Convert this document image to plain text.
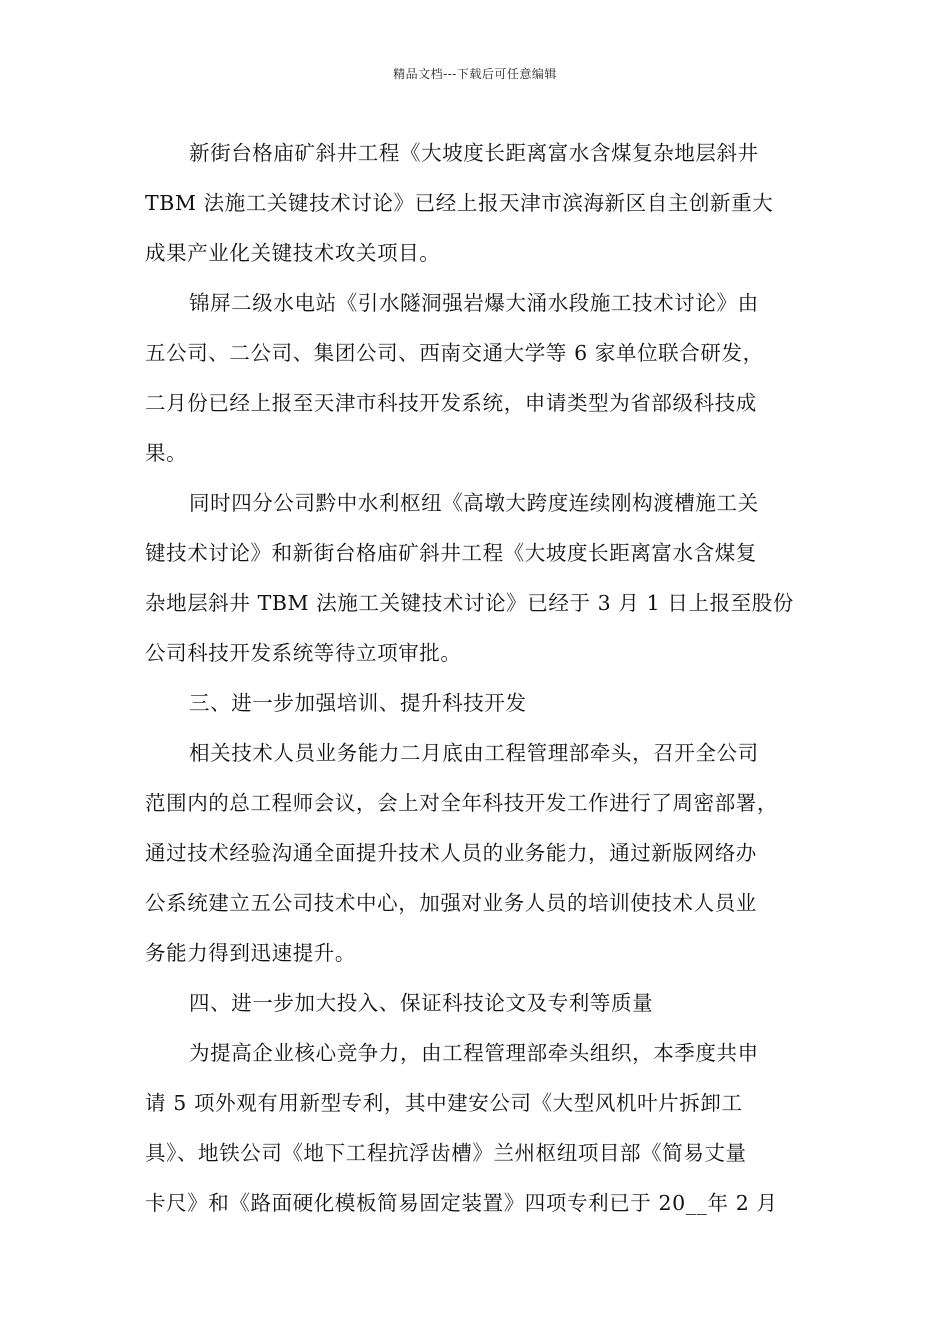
精品文档---下载后可任意编辑
新街台格庙矿斜井工程《大坡度长距离富水含煤复杂地层斜井
TBM 法施工关键技术讨论》已经上报天津市滨海新区自主创新重大
成果产业化关键技术攻关项目。
锦屏二级水电站《引水隧洞强岩爆大涌水段施工技术讨论》由
五公司、二公司、集团公司、西南交通大学等 6 家单位联合研发，
二月份已经上报至天津市科技开发系统，申请类型为省部级科技成
果。
同时四分公司黔中水利枢纽《高墩大跨度连续刚构渡槽施工关
键技术讨论》和新街台格庙矿斜井工程《大坡度长距离富水含煤复
杂地层斜井 TBM 法施工关键技术讨论》已经于 3 月 1 日上报至股份
公司科技开发系统等待立项审批。
三、进一步加强培训、提升科技开发
相关技术人员业务能力二月底由工程管理部牵头，召开全公司
范围内的总工程师会议，会上对全年科技开发工作进行了周密部署，
通过技术经验沟通全面提升技术人员的业务能力，通过新版网络办
公系统建立五公司技术中心，加强对业务人员的培训使技术人员业
务能力得到迅速提升。
四、进一步加大投入、保证科技论文及专利等质量
为提高企业核心竞争力，由工程管理部牵头组织，本季度共申
请 5 项外观有用新型专利，其中建安公司《大型风机叶片拆卸工
具》、地铁公司《地下工程抗浮齿槽》兰州枢纽项目部《简易丈量
卡尺》和《路面硬化模板简易固定装置》四项专利已于 20__年 2 月
